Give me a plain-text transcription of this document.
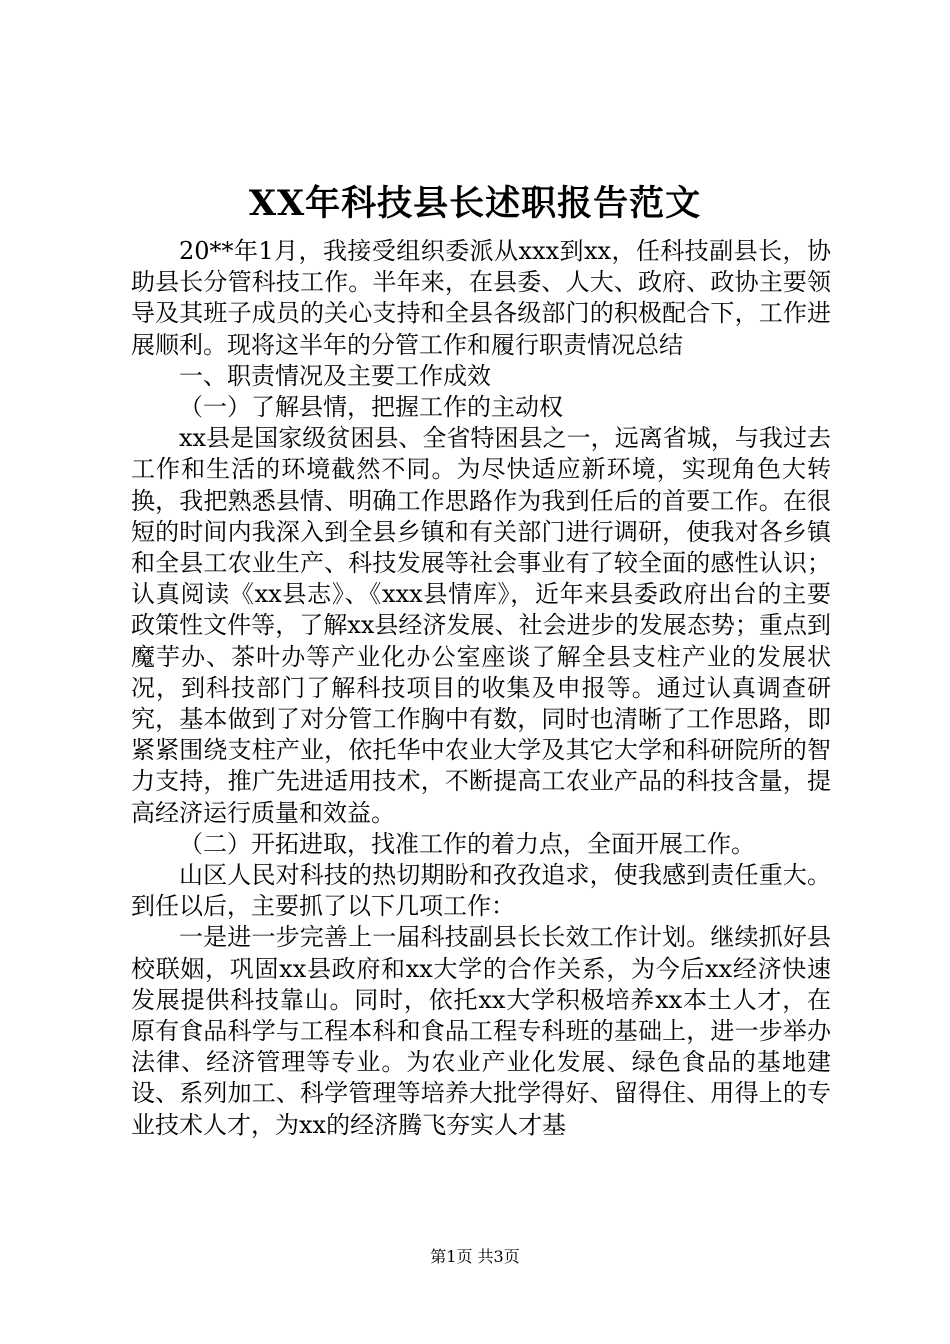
XX年科技县长述职报告范文

20**年1月，我接受组织委派从xxx到xx，任科技副县长，协助县长分管科技工作。半年来，在县委、人大、政府、政协主要领导及其班子成员的关心支持和全县各级部门的积极配合下，工作进展顺利。现将这半年的分管工作和履行职责情况总结

一、职责情况及主要工作成效

（一）了解县情，把握工作的主动权

xx县是国家级贫困县、全省特困县之一，远离省城，与我过去工作和生活的环境截然不同。为尽快适应新环境，实现角色大转换，我把熟悉县情、明确工作思路作为我到任后的首要工作。在很短的时间内我深入到全县乡镇和有关部门进行调研，使我对各乡镇和全县工农业生产、科技发展等社会事业有了较全面的感性认识；认真阅读《xx县志》、《xxx县情库》，近年来县委政府出台的主要政策性文件等，了解xx县经济发展、社会进步的发展态势；重点到魔芋办、茶叶办等产业化办公室座谈了解全县支柱产业的发展状况，到科技部门了解科技项目的收集及申报等。通过认真调查研究，基本做到了对分管工作胸中有数，同时也清晰了工作思路，即紧紧围绕支柱产业，依托华中农业大学及其它大学和科研院所的智力支持，推广先进适用技术，不断提高工农业产品的科技含量，提高经济运行质量和效益。

（二）开拓进取，找准工作的着力点，全面开展工作。

山区人民对科技的热切期盼和孜孜追求，使我感到责任重大。到任以后，主要抓了以下几项工作：

一是进一步完善上一届科技副县长长效工作计划。继续抓好县校联姻，巩固xx县政府和xx大学的合作关系，为今后xx经济快速发展提供科技靠山。同时，依托xx大学积极培养xx本土人才，在原有食品科学与工程本科和食品工程专科班的基础上，进一步举办法律、经济管理等专业。为农业产业化发展、绿色食品的基地建设、系列加工、科学管理等培养大批学得好、留得住、用得上的专业技术人才，为xx的经济腾飞夯实人才基

第1页 共3页
